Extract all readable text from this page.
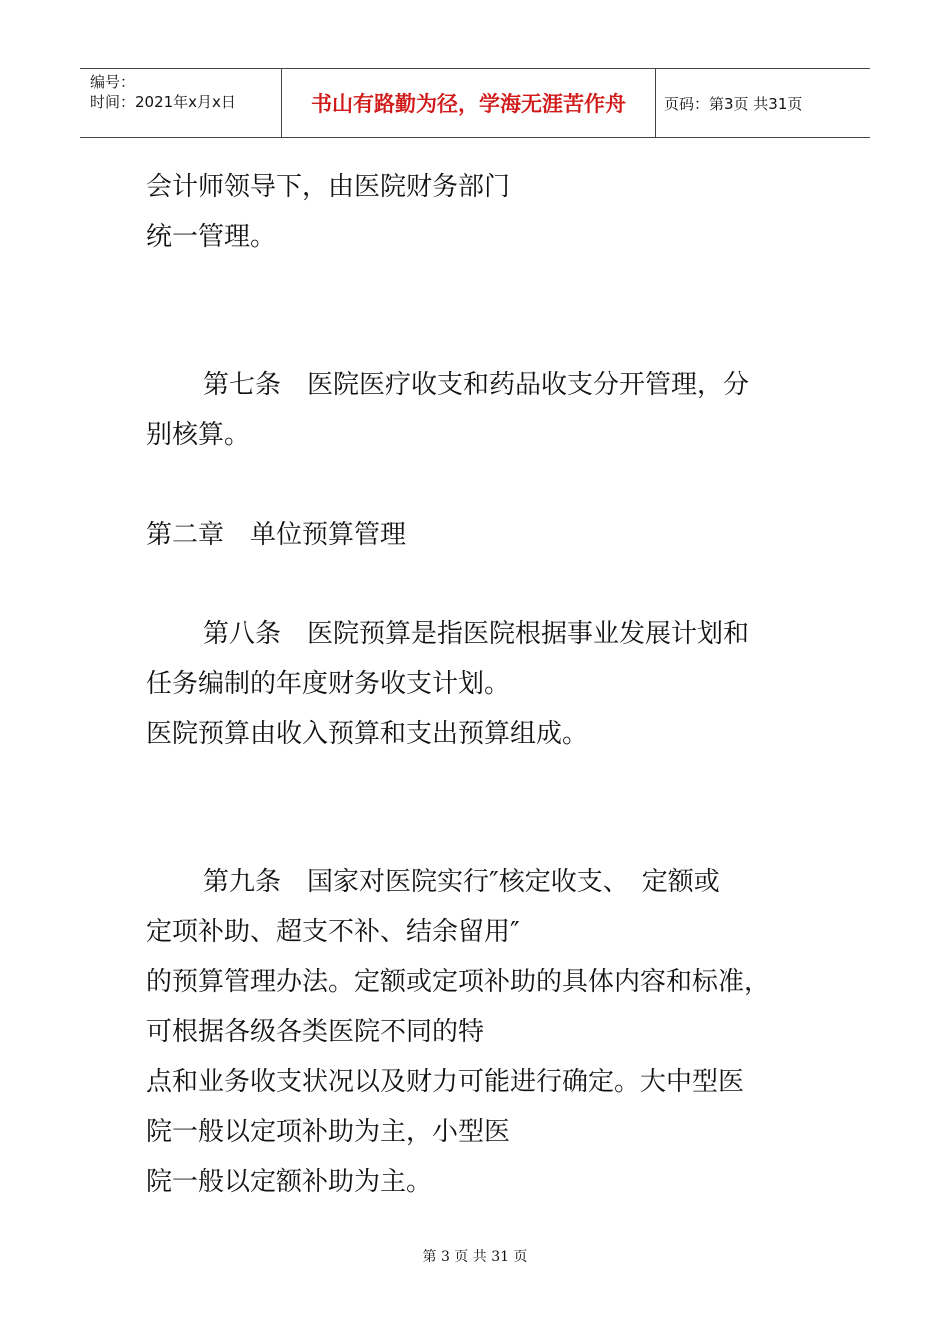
编号：
时间：2021年x月x日	书山有路勤为径，学海无涯苦作舟	页码：第3页 共31页
会计师领导下，由医院财务部门
统一管理。
第七条　医院医疗收支和药品收支分开管理，分
别核算。
第二章　单位预算管理
第八条　医院预算是指医院根据事业发展计划和
任务编制的年度财务收支计划。
医院预算由收入预算和支出预算组成。
第九条　国家对医院实行″核定收支、　定额或
定项补助、超支不补、结余留用″
的预算管理办法。定额或定项补助的具体内容和标准，
可根据各级各类医院不同的特
点和业务收支状况以及财力可能进行确定。大中型医
院一般以定项补助为主，小型医
院一般以定额补助为主。
第 3 页 共 31 页
